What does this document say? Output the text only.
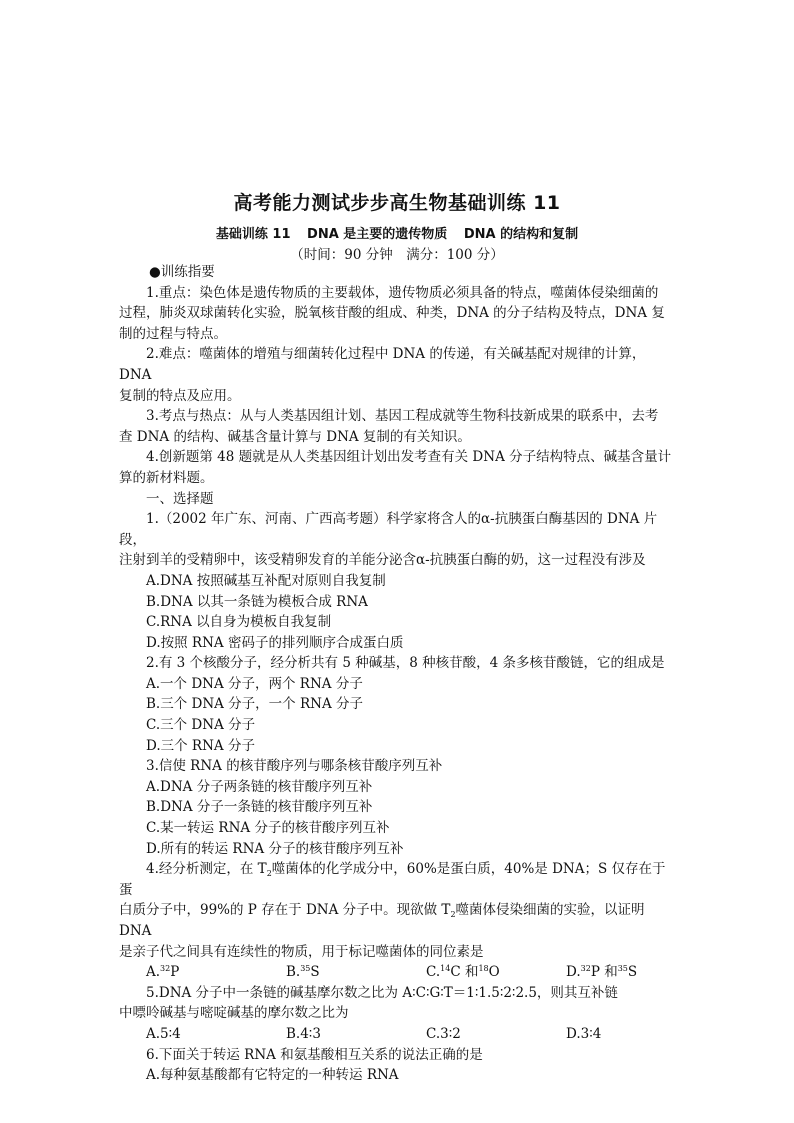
高考能力测试步步高生物基础训练 11
基础训练 11 DNA 是主要的遗传物质 DNA 的结构和复制
（时间：90 分钟　满分：100 分）

●训练指要

1.重点：染色体是遗传物质的主要载体，遗传物质必须具备的特点，噬菌体侵染细菌的

过程，肺炎双球菌转化实验，脱氧核苷酸的组成、种类，DNA 的分子结构及特点，DNA 复

制的过程与特点。

2.难点：噬菌体的增殖与细菌转化过程中 DNA 的传递，有关碱基配对规律的计算，DNA

复制的特点及应用。

3.考点与热点：从与人类基因组计划、基因工程成就等生物科技新成果的联系中，去考

查 DNA 的结构、碱基含量计算与 DNA 复制的有关知识。

4.创新题第 48 题就是从人类基因组计划出发考查有关 DNA 分子结构特点、碱基含量计

算的新材料题。

一、选择题

1.（2002 年广东、河南、广西高考题）科学家将含人的α-抗胰蛋白酶基因的 DNA 片段，

注射到羊的受精卵中，该受精卵发育的羊能分泌含α-抗胰蛋白酶的奶，这一过程没有涉及

A.DNA 按照碱基互补配对原则自我复制

B.DNA 以其一条链为模板合成 RNA

C.RNA 以自身为模板自我复制

D.按照 RNA 密码子的排列顺序合成蛋白质

2.有 3 个核酸分子，经分析共有 5 种碱基，8 种核苷酸，4 条多核苷酸链，它的组成是

A.一个 DNA 分子，两个 RNA 分子

B.三个 DNA 分子，一个 RNA 分子

C.三个 DNA 分子

D.三个 RNA 分子

3.信使 RNA 的核苷酸序列与哪条核苷酸序列互补

A.DNA 分子两条链的核苷酸序列互补

B.DNA 分子一条链的核苷酸序列互补

C.某一转运 RNA 分子的核苷酸序列互补

D.所有的转运 RNA 分子的核苷酸序列互补

4.经分析测定，在 $T_2$噬菌体的化学成分中，60%是蛋白质，40%是 DNA；S 仅存在于蛋

白质分子中，99%的 P 存在于 DNA 分子中。现欲做 $T_2$噬菌体侵染细菌的实验，以证明 DNA

是亲子代之间具有连续性的物质，用于标记噬菌体的同位素是

A.$^{32}$P	B.$^{35}$S	C.$^{14}$C 和$^{18}$O	D.$^{32}$P 和$^{35}$S

5.DNA 分子中一条链的碱基摩尔数之比为 A∶C∶G∶T＝1∶1.5∶2∶2.5，则其互补链

中嘌呤碱基与嘧啶碱基的摩尔数之比为

A.5∶4	B.4∶3	C.3∶2	D.3∶4

6.下面关于转运 RNA 和氨基酸相互关系的说法正确的是

A.每种氨基酸都有它特定的一种转运 RNA
